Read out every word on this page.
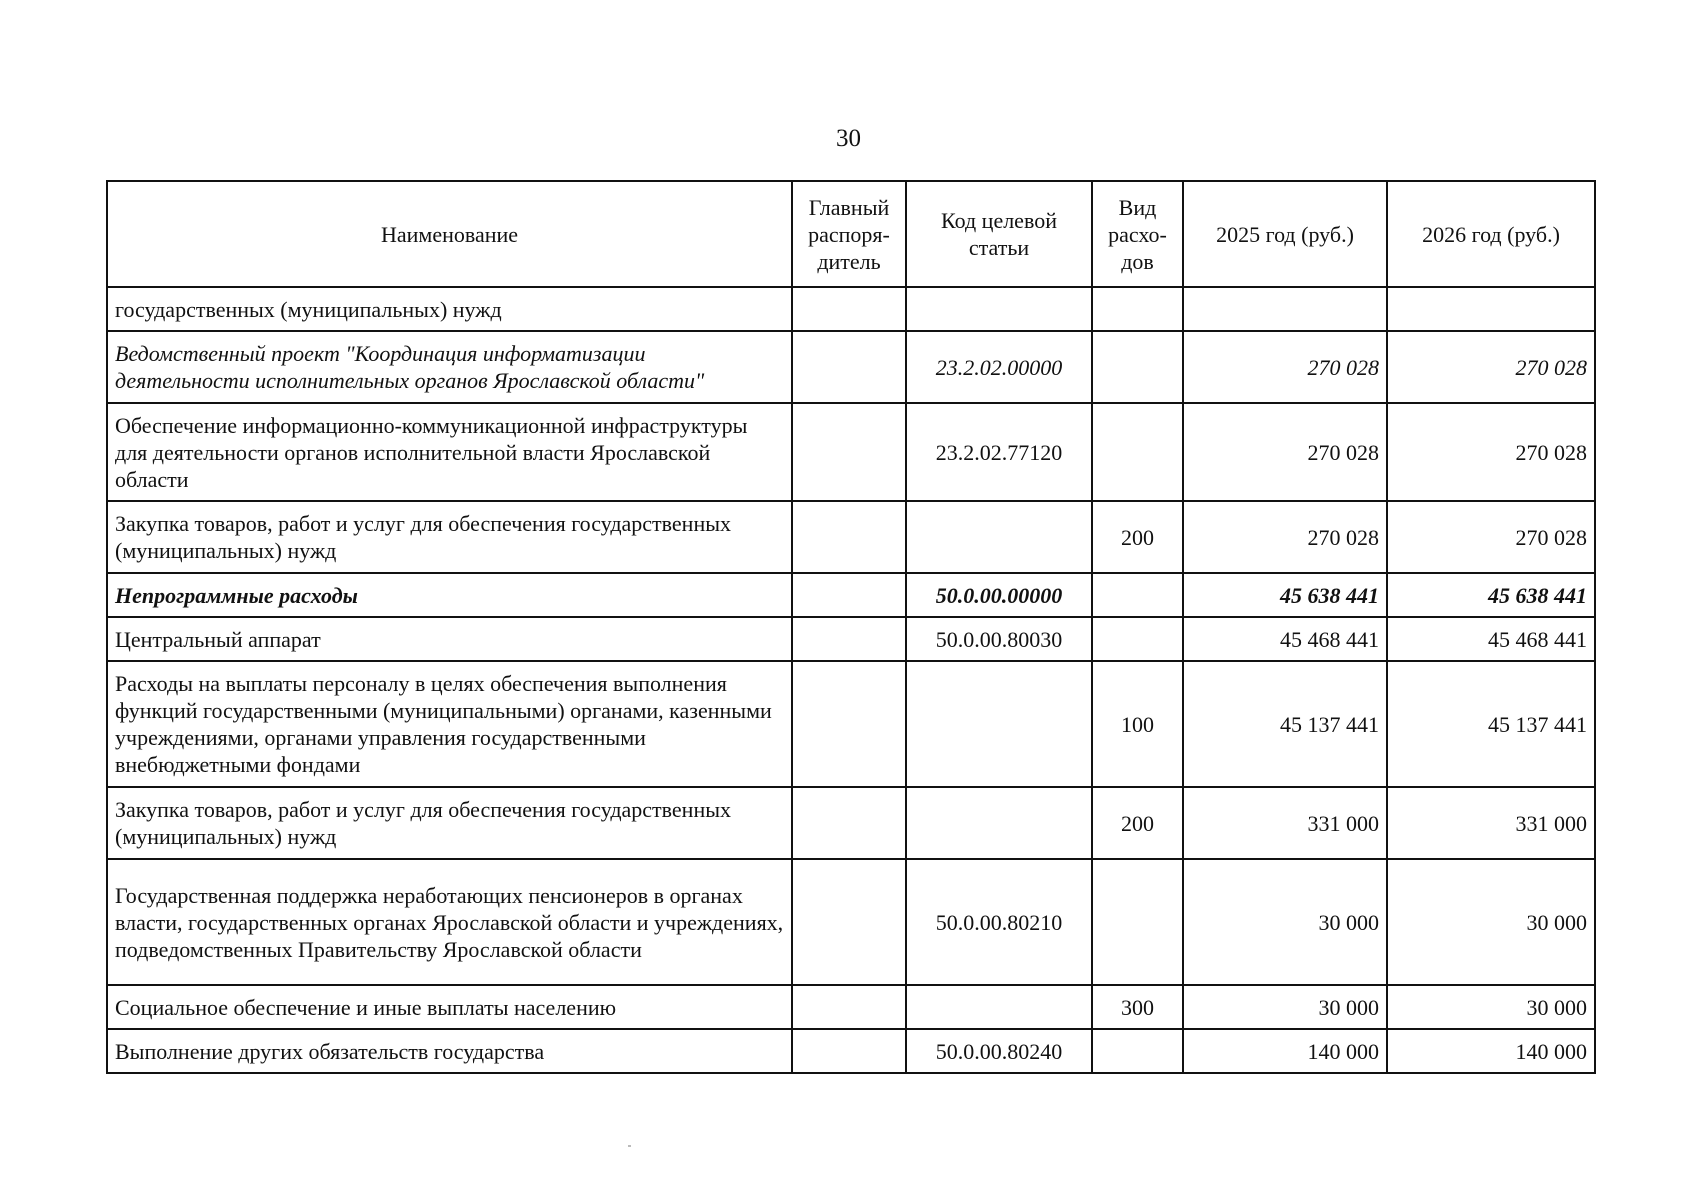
30
Наименование	Главный распоря-дитель	Код целевой статьи	Вид расхо-дов	2025 год (руб.)	2026 год (руб.)
государственных (муниципальных) нужд					
Ведомственный проект "Координация информатизации деятельности исполнительных органов Ярославской области"		23.2.02.00000		270 028	270 028
Обеспечение информационно-коммуникационной инфраструктуры для деятельности органов исполнительной власти Ярославской области		23.2.02.77120		270 028	270 028
Закупка товаров, работ и услуг для обеспечения государственных (муниципальных) нужд			200	270 028	270 028
Непрограммные расходы		50.0.00.00000		45 638 441	45 638 441
Центральный аппарат		50.0.00.80030		45 468 441	45 468 441
Расходы на выплаты персоналу в целях обеспечения выполнения функций государственными (муниципальными) органами, казенными учреждениями, органами управления государственными внебюджетными фондами			100	45 137 441	45 137 441
Закупка товаров, работ и услуг для обеспечения государственных (муниципальных) нужд			200	331 000	331 000
Государственная поддержка неработающих пенсионеров в органах власти, государственных органах Ярославской области и учреждениях, подведомственных Правительству Ярославской области		50.0.00.80210		30 000	30 000
Социальное обеспечение и иные выплаты населению			300	30 000	30 000
Выполнение других обязательств государства		50.0.00.80240		140 000	140 000
